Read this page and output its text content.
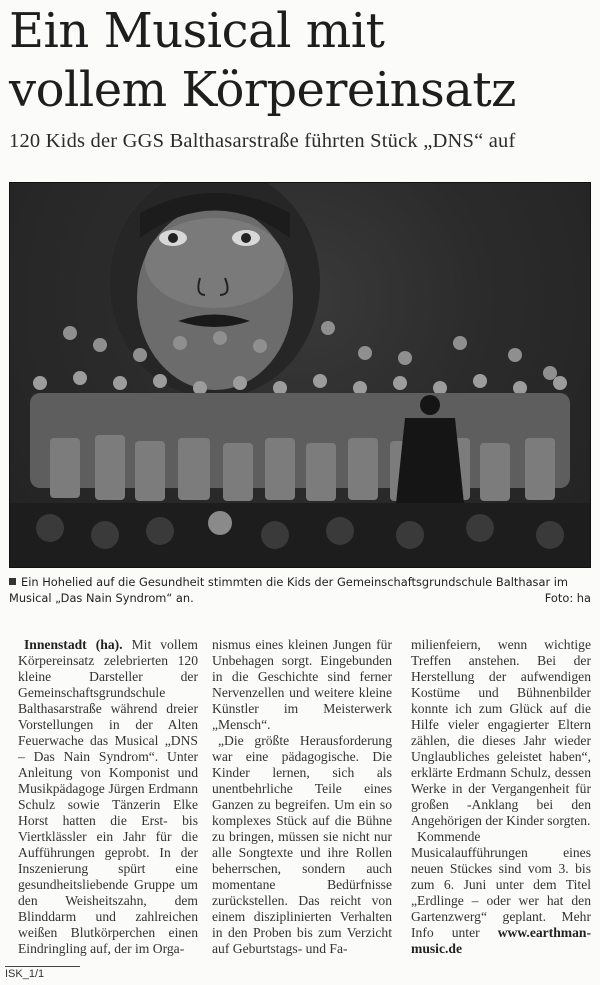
Ein Musical mit
vollem Körpereinsatz
120 Kids der GGS Balthasarstraße führten Stück „DNS“ auf
Ein Hohelied auf die Gesundheit stimmten die Kids der Gemeinschaftsgrundschule Balthasar im Musical „Das Nain Syndrom“ an.	Foto: ha

Innenstadt (ha). Mit vollem Körpereinsatz zelebrierten 120 kleine Darsteller der Gemeinschaftsgrundschule Balthasarstraße während dreier Vorstellungen in der Alten Feuerwache das Musical „DNS – Das Nain Syndrom“. Unter Anleitung von Komponist und Musikpädagoge Jürgen Erdmann Schulz sowie Tänzerin Elke Horst hatten die Erst- bis Viertklässler ein Jahr für die Aufführungen geprobt. In der Inszenierung spürt eine gesundheitsliebende Gruppe um den Weisheitszahn, dem Blinddarm und zahlreichen weißen Blutkörperchen einen Eindringling auf, der im Orga-

nismus eines kleinen Jungen für Unbehagen sorgt. Eingebunden in die Geschichte sind ferner Nervenzellen und weitere kleine Künstler im Meisterwerk „Mensch“.

„Die größte Herausforderung war eine pädagogische. Die Kinder lernen, sich als unentbehrliche Teile eines Ganzen zu begreifen. Um ein so komplexes Stück auf die Bühne zu bringen, müssen sie nicht nur alle Songtexte und ihre Rollen beherrschen, sondern auch momentane Bedürfnisse zurückstellen. Das reicht von einem disziplinierten Verhalten in den Proben bis zum Verzicht auf Geburtstags- und Fa-

milienfeiern, wenn wichtige Treffen anstehen. Bei der Herstellung der aufwendigen Kostüme und Bühnenbilder konnte ich zum Glück auf die Hilfe vieler engagierter Eltern zählen, die dieses Jahr wieder Unglaubliches geleistet haben“, erklärte Erdmann Schulz, dessen Werke in der Vergangenheit für großen -Anklang bei den Angehörigen der Kinder sorgten.

Kommende Musicalaufführungen eines neuen Stückes sind vom 3. bis zum 6. Juni unter dem Titel „Erdlinge – oder wer hat den Gartenzwerg“ geplant. Mehr Info unter www.earthman-music.de

ISK_1/1
